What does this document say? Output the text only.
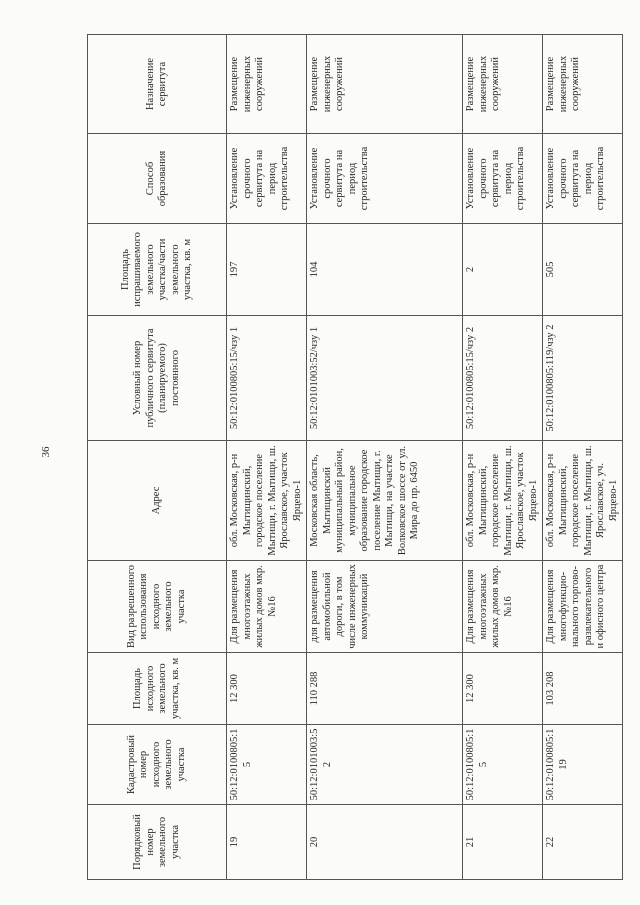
36
Порядковый номер земельного участка	Кадастровый номер исходного земельного участка	Площадь исходного земельного участка, кв. м	Вид разрешенного использования исходного земельного участка	Адрес	Условный номер публичного сервитута (планируемого) постоянного	Площадь испрашиваемого земельного участка/части земельного участка, кв. м	Способ образования	Назначение сервитута
19	50:12:0100805:15	12 300	Для размещения многоэтажных жилых домов мкр.№16	обл. Московская, р-н Мытищинский, городское поселение Мытищи, г. Мытищи, ш. Ярославское, участок Ярцево-1	50:12:0100805:15/чзу 1	197	Установление срочного сервитута на период строительства	Размещение инженерных сооружений
20	50:12:0101003:52	110 288	для размещения автомобильной дороги, в том числе инженерных коммуникаций	Московская область, Мытищинский муниципальный район, муниципальное образование городское поселение Мытищи, г. Мытищи, на участке Волковское шоссе от ул. Мира до пр. 6450	50:12:0101003:52/чзу 1	104	Установление срочного сервитута на период строительства	Размещение инженерных сооружений
21	50:12:0100805:15	12 300	Для размещения многоэтажных жилых домов мкр.№16	обл. Московская, р-н Мытищинский, городское поселение Мытищи, г. Мытищи, ш. Ярославское, участок Ярцево-1	50:12:0100805:15/чзу 2	2	Установление срочного сервитута на период строительства	Размещение инженерных сооружений
22	50:12:0100805:119	103 208	Для размещения многофункцио-нального торгово-развлекательного и офисного центра	обл. Московская, р-н Мытищинский, городское поселение Мытищи, г. Мытищи, ш. Ярославское, уч. Ярцево-1	50:12:0100805:119/чзу 2	505	Установление срочного сервитута на период строительства	Размещение инженерных сооружений
